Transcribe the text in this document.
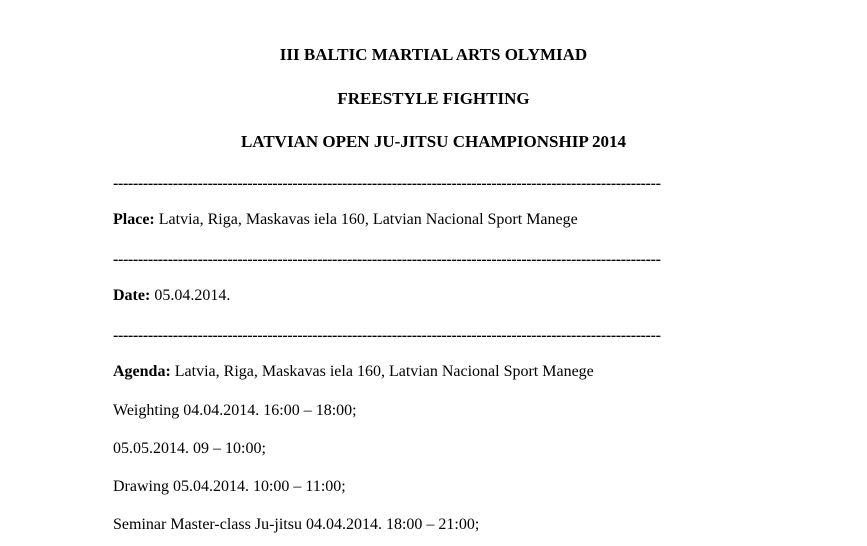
III BALTIC MARTIAL ARTS OLYMIAD
FREESTYLE FIGHTING
LATVIAN OPEN JU-JITSU CHAMPIONSHIP 2014
--------------------------------------------------------------------------------------------------------------
Place: Latvia, Riga, Maskavas iela 160, Latvian Nacional Sport Manege
--------------------------------------------------------------------------------------------------------------
Date: 05.04.2014.
--------------------------------------------------------------------------------------------------------------
Agenda: Latvia, Riga, Maskavas iela 160, Latvian Nacional Sport Manege
Weighting 04.04.2014. 16:00 – 18:00;
05.05.2014. 09 – 10:00;
Drawing 05.04.2014. 10:00 – 11:00;
Seminar Master-class Ju-jitsu 04.04.2014. 18:00 – 21:00;
